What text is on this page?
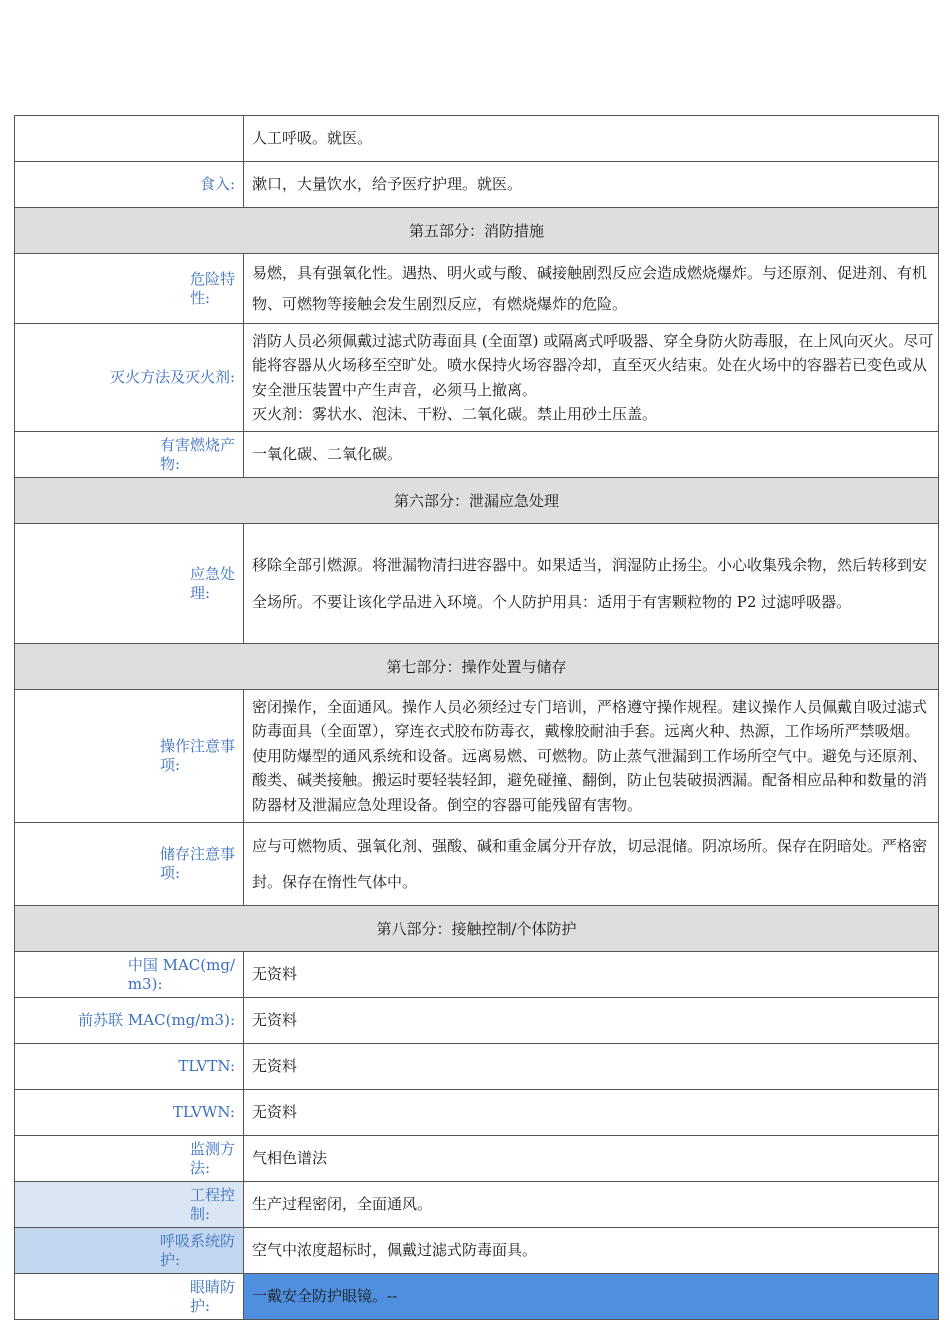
	人工呼吸。就医。
食入:	漱口，大量饮水，给予医疗护理。就医。
第五部分：消防措施	
危险特
性:	易燃，具有强氧化性。遇热、明火或与酸、碱接触剧烈反应会造成燃烧爆炸。与还原剂、促进剂、有机物、可燃物等接触会发生剧烈反应，有燃烧爆炸的危险。
灭火方法及灭火剂:	消防人员必须佩戴过滤式防毒面具 (全面罩) 或隔离式呼吸器、穿全身防火防毒服，在上风向灭火。尽可能将容器从火场移至空旷处。喷水保持火场容器冷却，直至灭火结束。处在火场中的容器若已变色或从安全泄压装置中产生声音，必须马上撤离。
灭火剂：雾状水、泡沫、干粉、二氧化碳。禁止用砂土压盖。
有害燃烧产
物:	一氧化碳、二氧化碳。
第六部分：泄漏应急处理	
应急处
理:	移除全部引燃源。将泄漏物清扫进容器中。如果适当，润湿防止扬尘。小心收集残余物，然后转移到安全场所。不要让该化学品进入环境。个人防护用具：适用于有害颗粒物的 P2 过滤呼吸器。
第七部分：操作处置与储存	
操作注意事
项:	密闭操作，全面通风。操作人员必须经过专门培训，严格遵守操作规程。建议操作人员佩戴自吸过滤式防毒面具（全面罩），穿连衣式胶布防毒衣，戴橡胶耐油手套。远离火种、热源，工作场所严禁吸烟。使用防爆型的通风系统和设备。远离易燃、可燃物。防止蒸气泄漏到工作场所空气中。避免与还原剂、酸类、碱类接触。搬运时要轻装轻卸，避免碰撞、翻倒，防止包装破损洒漏。配备相应品种和数量的消防器材及泄漏应急处理设备。倒空的容器可能残留有害物。
储存注意事
项:	应与可燃物质、强氧化剂、强酸、碱和重金属分开存放，切忌混储。阴凉场所。保存在阴暗处。严格密封。保存在惰性气体中。
第八部分：接触控制/个体防护	
中国 MAC(mg/
m3):	无资料
前苏联 MAC(mg/m3):	无资料
TLVTN:	无资料
TLVWN:	无资料
监测方
法:	气相色谱法
工程控
制:	生产过程密闭，全面通风。
呼吸系统防
护:	空气中浓度超标时，佩戴过滤式防毒面具。
眼睛防
护:	一戴安全防护眼镜。--
